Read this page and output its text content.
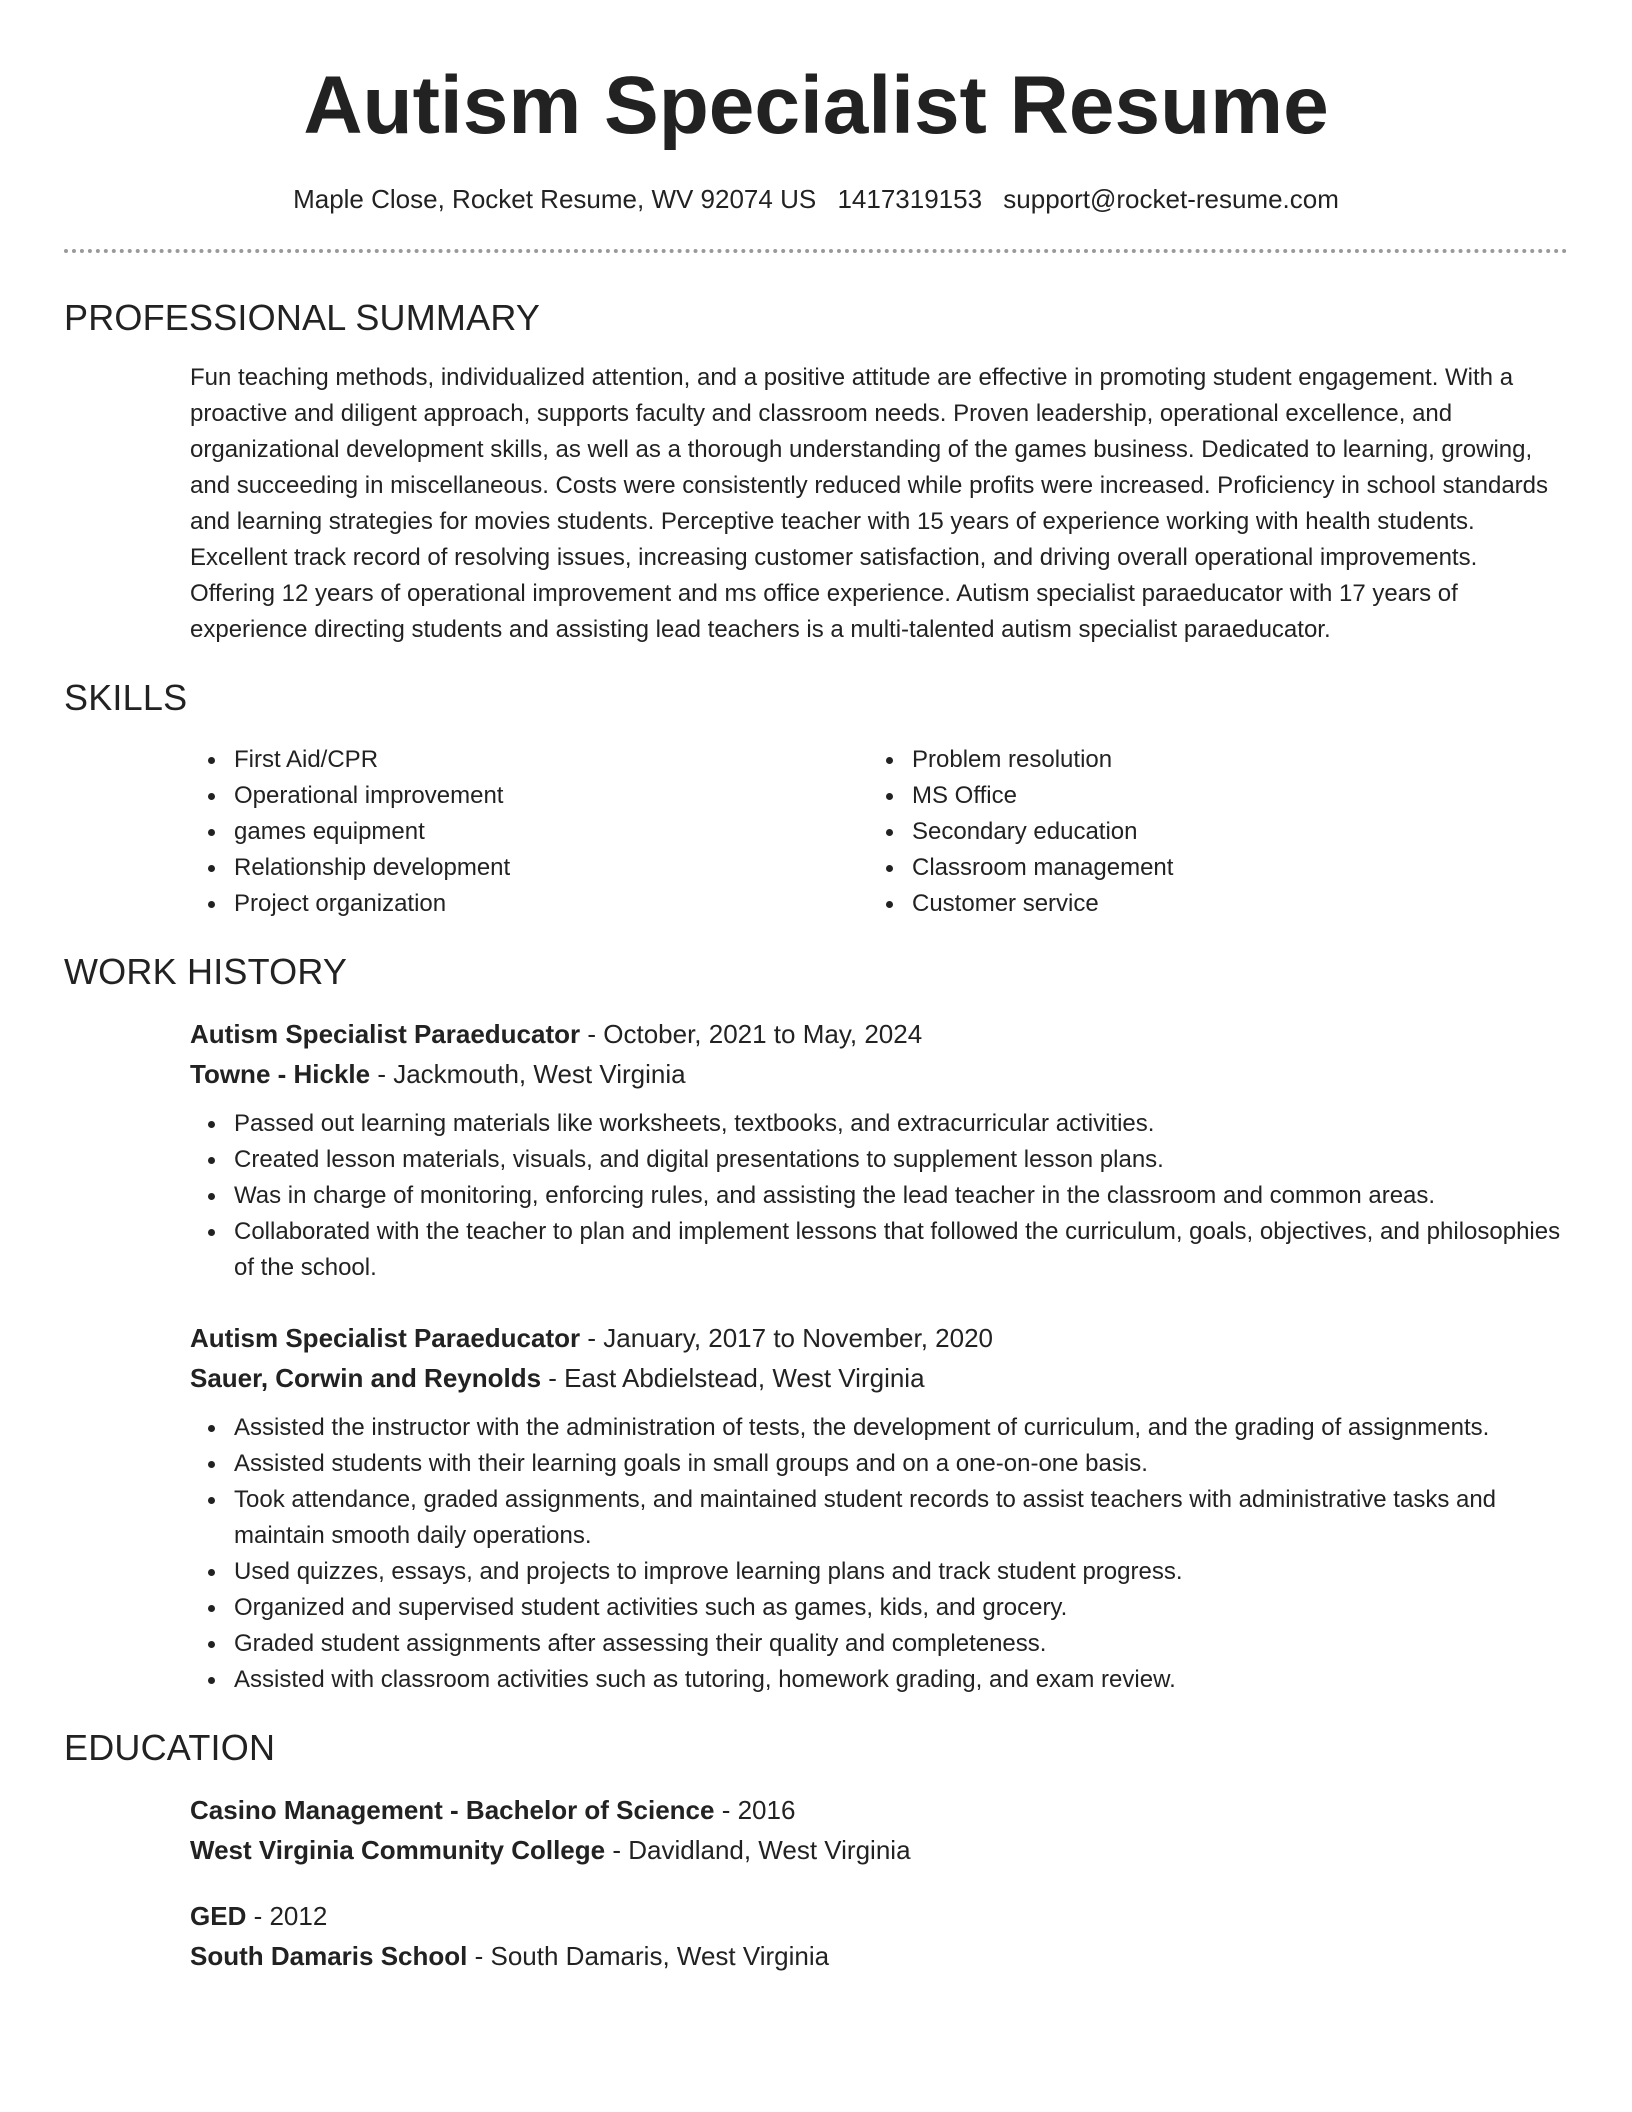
Autism Specialist Resume
Maple Close, Rocket Resume, WV 92074 US 1417319153 support@rocket-resume.com
PROFESSIONAL SUMMARY

Fun teaching methods, individualized attention, and a positive attitude are effective in promoting student engagement. With a proactive and diligent approach, supports faculty and classroom needs. Proven leadership, operational excellence, and organizational development skills, as well as a thorough understanding of the games business. Dedicated to learning, growing, and succeeding in miscellaneous. Costs were consistently reduced while profits were increased. Proficiency in school standards and learning strategies for movies students. Perceptive teacher with 15 years of experience working with health students. Excellent track record of resolving issues, increasing customer satisfaction, and driving overall operational improvements. Offering 12 years of operational improvement and ms office experience. Autism specialist paraeducator with 17 years of experience directing students and assisting lead teachers is a multi-talented autism specialist paraeducator.

SKILLS
First Aid/CPR
Operational improvement
games equipment
Relationship development
Project organization
Problem resolution
MS Office
Secondary education
Classroom management
Customer service
WORK HISTORY
Autism Specialist Paraeducator - October, 2021 to May, 2024
Towne - Hickle - Jackmouth, West Virginia
Passed out learning materials like worksheets, textbooks, and extracurricular activities.
Created lesson materials, visuals, and digital presentations to supplement lesson plans.
Was in charge of monitoring, enforcing rules, and assisting the lead teacher in the classroom and common areas.
Collaborated with the teacher to plan and implement lessons that followed the curriculum, goals, objectives, and philosophies of the school.
Autism Specialist Paraeducator - January, 2017 to November, 2020
Sauer, Corwin and Reynolds - East Abdielstead, West Virginia
Assisted the instructor with the administration of tests, the development of curriculum, and the grading of assignments.
Assisted students with their learning goals in small groups and on a one-on-one basis.
Took attendance, graded assignments, and maintained student records to assist teachers with administrative tasks and maintain smooth daily operations.
Used quizzes, essays, and projects to improve learning plans and track student progress.
Organized and supervised student activities such as games, kids, and grocery.
Graded student assignments after assessing their quality and completeness.
Assisted with classroom activities such as tutoring, homework grading, and exam review.
EDUCATION
Casino Management - Bachelor of Science - 2016
West Virginia Community College - Davidland, West Virginia
GED - 2012
South Damaris School - South Damaris, West Virginia
